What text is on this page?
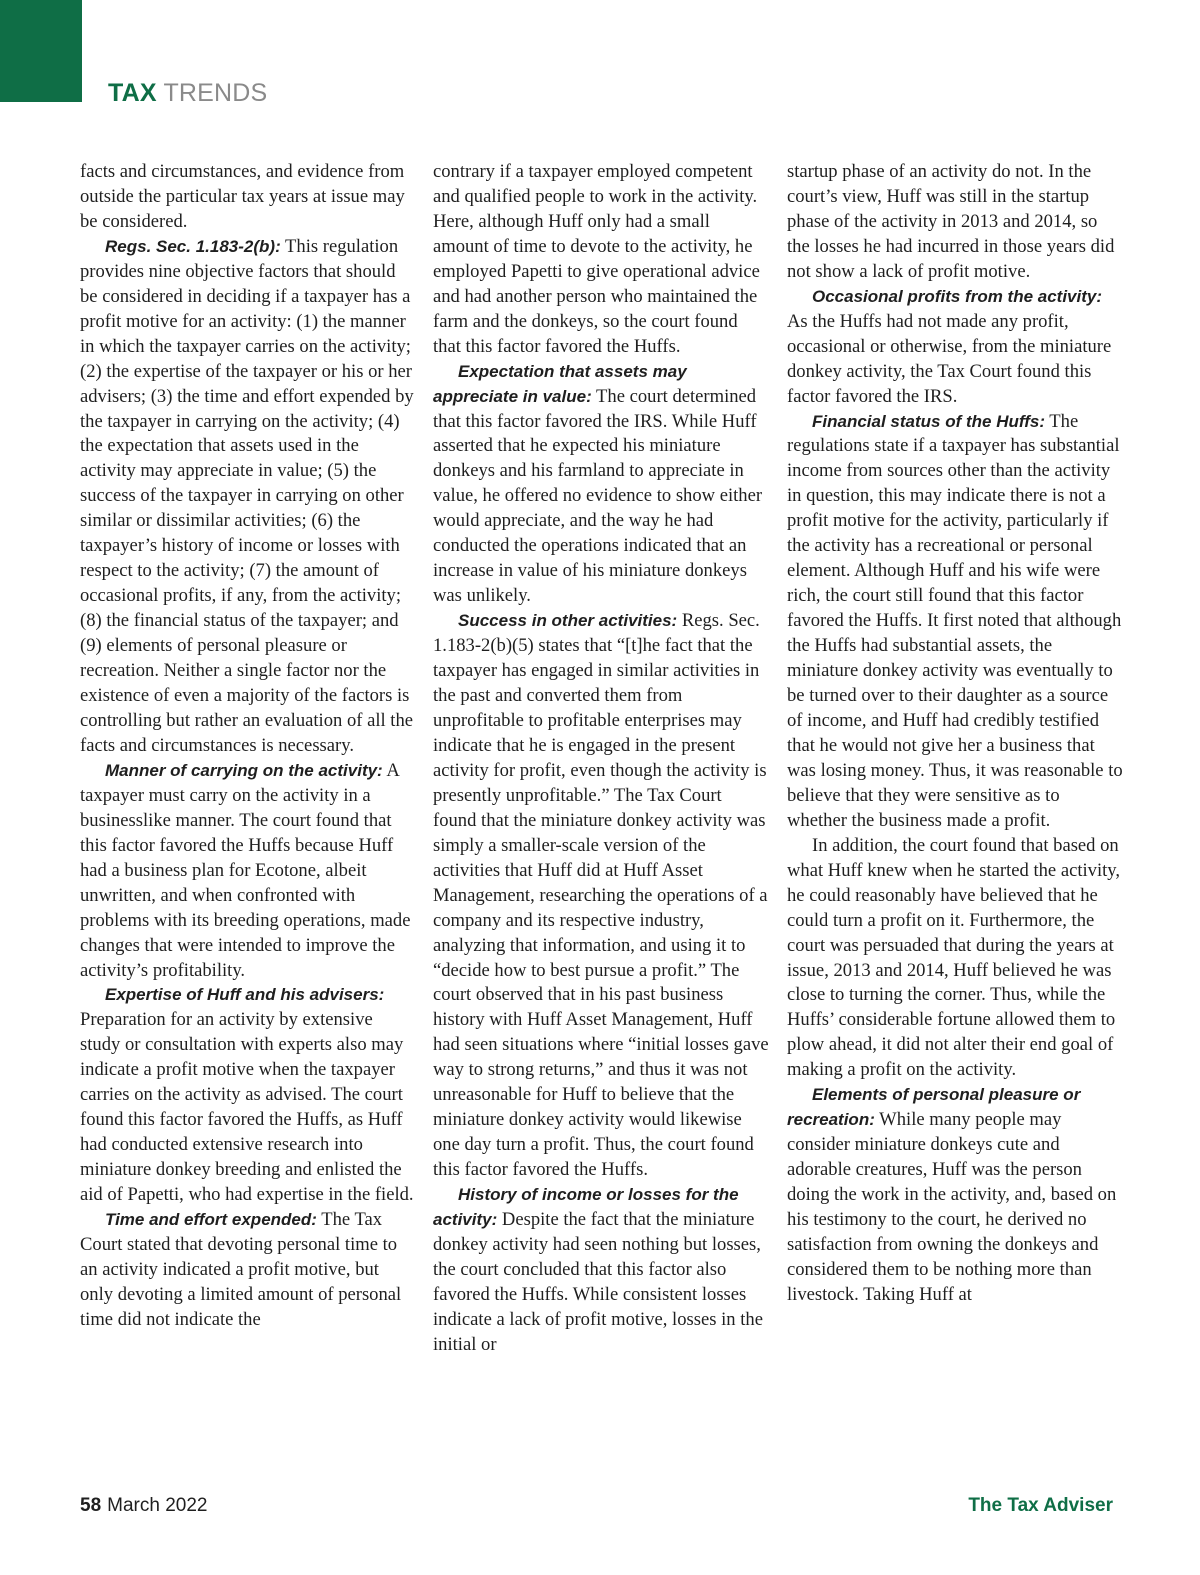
TAX TRENDS

facts and circumstances, and evidence from outside the particular tax years at issue may be considered.

Regs. Sec. 1.183-2(b): This regulation provides nine objective factors that should be considered in deciding if a taxpayer has a profit motive for an activity: (1) the manner in which the taxpayer carries on the activity; (2) the expertise of the taxpayer or his or her advisers; (3) the time and effort expended by the taxpayer in carrying on the activity; (4) the expectation that assets used in the activity may appreciate in value; (5) the success of the taxpayer in carrying on other similar or dissimilar activities; (6) the taxpayer’s history of income or losses with respect to the activity; (7) the amount of occasional profits, if any, from the activity; (8) the financial status of the taxpayer; and (9) elements of personal pleasure or recreation. Neither a single factor nor the existence of even a majority of the factors is controlling but rather an evaluation of all the facts and circumstances is necessary.

Manner of carrying on the activity: A taxpayer must carry on the activity in a businesslike manner. The court found that this factor favored the Huffs because Huff had a business plan for Ecotone, albeit unwritten, and when confronted with problems with its breeding operations, made changes that were intended to improve the activity’s profitability.

Expertise of Huff and his advisers: Preparation for an activity by extensive study or consultation with experts also may indicate a profit motive when the taxpayer carries on the activity as advised. The court found this factor favored the Huffs, as Huff had conducted extensive research into miniature donkey breeding and enlisted the aid of Papetti, who had expertise in the field.

Time and effort expended: The Tax Court stated that devoting personal time to an activity indicated a profit motive, but only devoting a limited amount of personal time did not indicate the

contrary if a taxpayer employed competent and qualified people to work in the activity. Here, although Huff only had a small amount of time to devote to the activity, he employed Papetti to give operational advice and had another person who maintained the farm and the donkeys, so the court found that this factor favored the Huffs.

Expectation that assets may appreciate in value: The court determined that this factor favored the IRS. While Huff asserted that he expected his miniature donkeys and his farmland to appreciate in value, he offered no evidence to show either would appreciate, and the way he had conducted the operations indicated that an increase in value of his miniature donkeys was unlikely.

Success in other activities: Regs. Sec. 1.183-2(b)(5) states that “[t]he fact that the taxpayer has engaged in similar activities in the past and converted them from unprofitable to profitable enterprises may indicate that he is engaged in the present activity for profit, even though the activity is presently unprofitable.” The Tax Court found that the miniature donkey activity was simply a smaller-scale version of the activities that Huff did at Huff Asset Management, researching the operations of a company and its respective industry, analyzing that information, and using it to “decide how to best pursue a profit.” The court observed that in his past business history with Huff Asset Management, Huff had seen situations where “initial losses gave way to strong returns,” and thus it was not unreasonable for Huff to believe that the miniature donkey activity would likewise one day turn a profit. Thus, the court found this factor favored the Huffs.

History of income or losses for the activity: Despite the fact that the miniature donkey activity had seen nothing but losses, the court concluded that this factor also favored the Huffs. While consistent losses indicate a lack of profit motive, losses in the initial or

startup phase of an activity do not. In the court’s view, Huff was still in the startup phase of the activity in 2013 and 2014, so the losses he had incurred in those years did not show a lack of profit motive.

Occasional profits from the activity: As the Huffs had not made any profit, occasional or otherwise, from the miniature donkey activity, the Tax Court found this factor favored the IRS.

Financial status of the Huffs: The regulations state if a taxpayer has substantial income from sources other than the activity in question, this may indicate there is not a profit motive for the activity, particularly if the activity has a recreational or personal element. Although Huff and his wife were rich, the court still found that this factor favored the Huffs. It first noted that although the Huffs had substantial assets, the miniature donkey activity was eventually to be turned over to their daughter as a source of income, and Huff had credibly testified that he would not give her a business that was losing money. Thus, it was reasonable to believe that they were sensitive as to whether the business made a profit.

In addition, the court found that based on what Huff knew when he started the activity, he could reasonably have believed that he could turn a profit on it. Furthermore, the court was persuaded that during the years at issue, 2013 and 2014, Huff believed he was close to turning the corner. Thus, while the Huffs’ considerable fortune allowed them to plow ahead, it did not alter their end goal of making a profit on the activity.

Elements of personal pleasure or recreation: While many people may consider miniature donkeys cute and adorable creatures, Huff was the person doing the work in the activity, and, based on his testimony to the court, he derived no satisfaction from owning the donkeys and considered them to be nothing more than livestock. Taking Huff at

58 March 2022	The Tax Adviser
